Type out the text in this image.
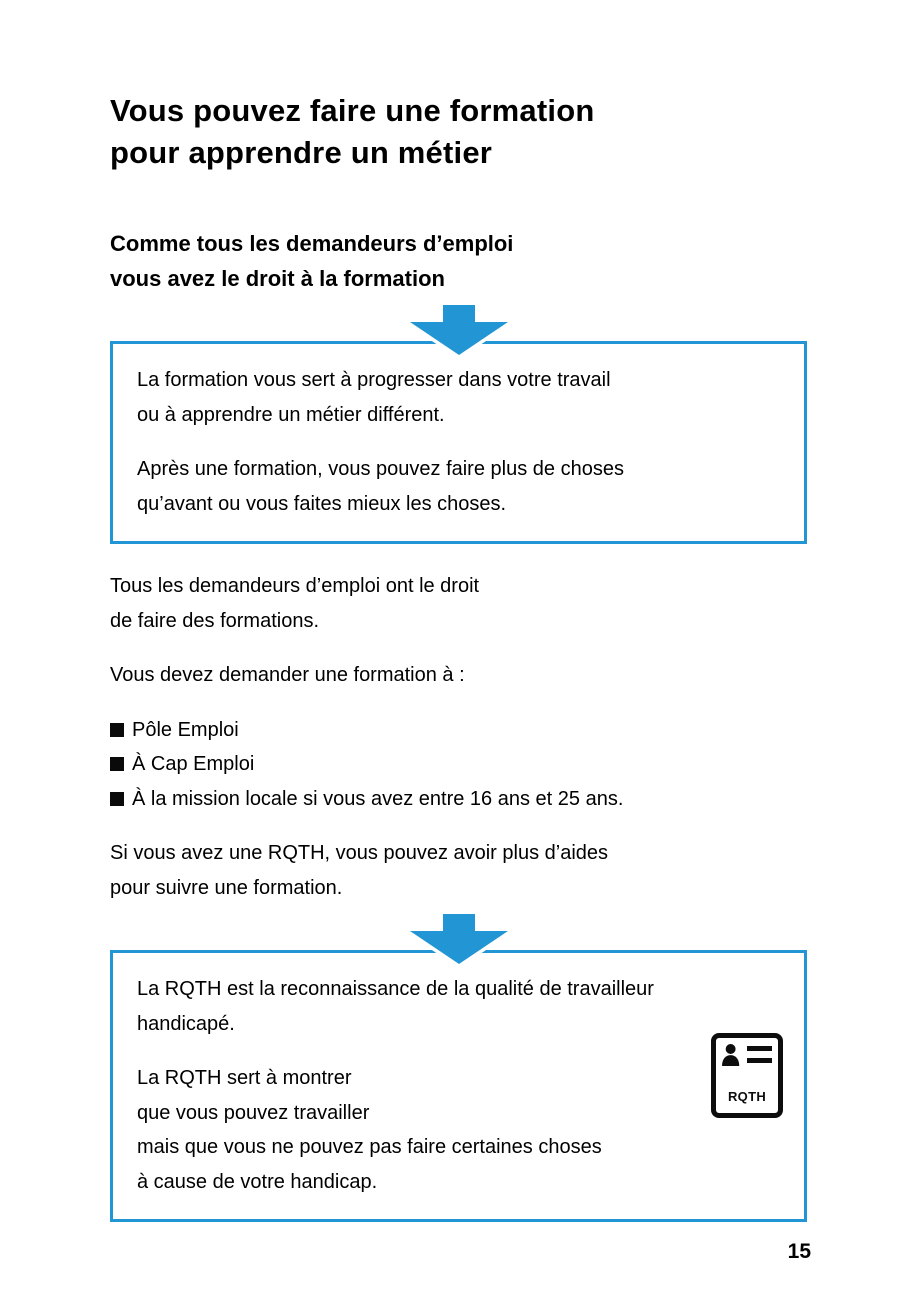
Vous pouvez faire une formation
pour apprendre un métier
Comme tous les demandeurs d’emploi
vous avez le droit à la formation
La formation vous sert à progresser dans votre travail
ou à apprendre un métier différent.
Après une formation, vous pouvez faire plus de choses
qu’avant ou vous faites mieux les choses.
Tous les demandeurs d’emploi ont le droit
de faire des formations.
Vous devez demander une formation à :
Pôle Emploi
À Cap Emploi
À la mission locale si vous avez entre 16 ans et 25 ans.
Si vous avez une RQTH, vous pouvez avoir plus d’aides
pour suivre une formation.
La RQTH est la reconnaissance de la qualité de travailleur
handicapé.
La RQTH sert à montrer
que vous pouvez travailler
mais que vous ne pouvez pas faire certaines choses
à cause de votre handicap.
RQTH
15
